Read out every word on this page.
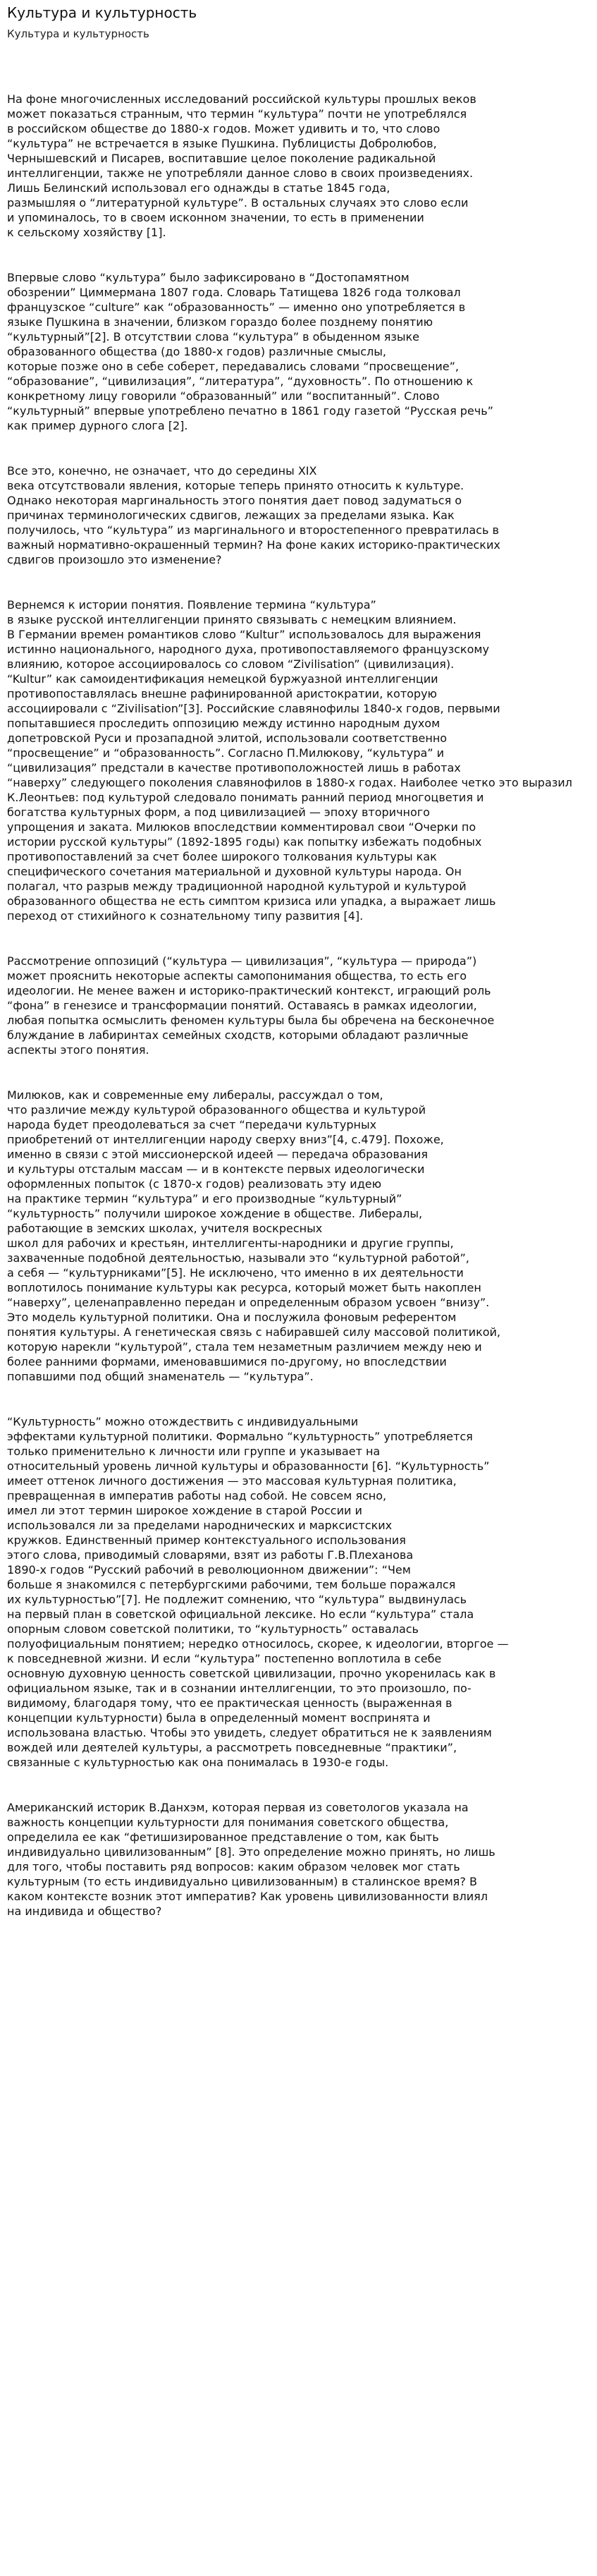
Культура и культурность

Культура и культурность

На фоне многочисленных исследований российской культуры прошлых веков
может показаться странным, что термин “культура” почти не употреблялся
в российском обществе до 1880-х годов. Может удивить и то, что слово
“культура” не встречается в языке Пушкина. Публицисты Добролюбов,
Чернышевский и Писарев, воспитавшие целое поколение радикальной
интеллигенции, также не употребляли данное слово в своих произведениях.
Лишь Белинский использовал его однажды в статье 1845 года,
размышляя о “литературной культуре”. В остальных случаях это слово если
и упоминалось, то в своем исконном значении, то есть в применении
к сельскому хозяйству [1].

Впервые слово “культура” было зафиксировано в “Достопамятном
обозрении” Циммермана 1807 года. Словарь Татищева 1826 года толковал
французское “culture” как “образованность” — именно оно употребляется в
языке Пушкина в значении, близком гораздо более позднему понятию
“культурный”[2]. В отсутствии слова “культура” в обыденном языке
образованного общества (до 1880-х годов) различные смыслы,
которые позже оно в себе соберет, передавались словами “просвещение”,
“образование”, “цивилизация”, “литература”, “духовность”. По отношению к
конкретному лицу говорили “образованный” или “воспитанный”. Слово
“культурный” впервые употреблено печатно в 1861 году газетой “Русская речь”
как пример дурного слога [2].

Все это, конечно, не означает, что до середины XIX
века отсутствовали явления, которые теперь принято относить к культуре.
Однако некоторая маргинальность этого понятия дает повод задуматься о
причинах терминологических сдвигов, лежащих за пределами языка. Как
получилось, что “культура” из маргинального и второстепенного превратилась в
важный нормативно-окрашенный термин? На фоне каких историко-практических
сдвигов произошло это изменение?

Вернемся к истории понятия. Появление термина “культура”
в языке русской интеллигенции принято связывать с немецким влиянием.
В Германии времен романтиков слово “Kultur” использовалось для выражения
истинно национального, народного духа, противопоставляемого французскому
влиянию, которое ассоциировалось со словом “Zivilisation” (цивилизация).
“Kultur” как самоидентификация немецкой буржуазной интеллигенции
противопоставлялась внешне рафинированной аристократии, которую
ассоциировали с “Zivilisation”[3]. Российские славянофилы 1840-х годов, первыми
попытавшиеся проследить оппозицию между истинно народным духом
допетровской Руси и прозападной элитой, использовали соответственно
“просвещение” и “образованность”. Согласно П.Милюкову, “культура” и
“цивилизация” предстали в качестве противоположностей лишь в работах
“наверху” следующего поколения славянофилов в 1880-х годах. Наиболее четко это выразил
К.Леонтьев: под культурой следовало понимать ранний период многоцветия и
богатства культурных форм, а под цивилизацией — эпоху вторичного
упрощения и заката. Милюков впоследствии комментировал свои “Очерки по
истории русской культуры” (1892-1895 годы) как попытку избежать подобных
противопоставлений за счет более широкого толкования культуры как
специфического сочетания материальной и духовной культуры народа. Он
полагал, что разрыв между традиционной народной культурой и культурой
образованного общества не есть симптом кризиса или упадка, а выражает лишь
переход от стихийного к сознательному типу развития [4].

Рассмотрение оппозиций (“культура — цивилизация”, “культура — природа”)
может прояснить некоторые аспекты самопонимания общества, то есть его
идеологии. Не менее важен и историко-практический контекст, играющий роль
“фона” в генезисе и трансформации понятий. Оставаясь в рамках идеологии,
любая попытка осмыслить феномен культуры была бы обречена на бесконечное
блуждание в лабиринтах семейных сходств, которыми обладают различные
аспекты этого понятия.

Милюков, как и современные ему либералы, рассуждал о том,
что различие между культурой образованного общества и культурой
народа будет преодолеваться за счет “передачи культурных
приобретений от интеллигенции народу сверху вниз”[4, с.479]. Похоже,
именно в связи с этой миссионерской идеей — передача образования
и культуры отсталым массам — и в контексте первых идеологически
оформленных попыток (с 1870-х годов) реализовать эту идею
на практике термин “культура” и его производные “культурный”
“культурность” получили широкое хождение в обществе. Либералы,
работающие в земских школах, учителя воскресных
школ для рабочих и крестьян, интеллигенты-народники и другие группы,
захваченные подобной деятельностью, называли это “культурной работой”,
а себя — “культурниками”[5]. Не исключено, что именно в их деятельности
воплотилось понимание культуры как ресурса, который может быть накоплен
“наверху”, целенаправленно передан и определенным образом усвоен “внизу”.
Это модель культурной политики. Она и послужила фоновым референтом
понятия культуры. А генетическая связь с набиравшей силу массовой политикой,
которую нарекли “культурой”, стала тем незаметным различием между нею и
более ранними формами, именовавшимися по-другому, но впоследствии
попавшими под общий знаменатель — “культура”.

“Культурность” можно отождествить с индивидуальными
эффектами культурной политики. Формально “культурность” употребляется
только применительно к личности или группе и указывает на
относительный уровень личной культуры и образованности [6]. “Культурность”
имеет оттенок личного достижения — это массовая культурная политика,
превращенная в императив работы над собой. Не совсем ясно,
имел ли этот термин широкое хождение в старой России и
использовался ли за пределами народнических и марксистских
кружков. Единственный пример контекстуального использования
этого слова, приводимый словарями, взят из работы Г.В.Плеханова
1890-х годов “Русский рабочий в революционном движении”: “Чем
больше я знакомился с петербургскими рабочими, тем больше поражался
их культурностью”[7]. Не подлежит сомнению, что “культура” выдвинулась
на первый план в советской официальной лексике. Но если “культура” стала
опорным словом советской политики, то “культурность” оставалась
полуофициальным понятием; нередко относилось, скорее, к идеологии, вторгое —
к повседневной жизни. И если “культура” постепенно воплотила в себе
основную духовную ценность советской цивилизации, прочно укоренилась как в
официальном языке, так и в сознании интеллигенции, то это произошло, по-
видимому, благодаря тому, что ее практическая ценность (выраженная в
концепции культурности) была в определенный момент воспринята и
использована властью. Чтобы это увидеть, следует обратиться не к заявлениям
вождей или деятелей культуры, а рассмотреть повседневные “практики”,
связанные с культурностью как она понималась в 1930-е годы.

Американский историк В.Данхэм, которая первая из советологов указала на
важность концепции культурности для понимания советского общества,
определила ее как “фетишизированное представление о том, как быть
индивидуально цивилизованным” [8]. Это определение можно принять, но лишь
для того, чтобы поставить ряд вопросов: каким образом человек мог стать
культурным (то есть индивидуально цивилизованным) в сталинское время? В
каком контексте возник этот императив? Как уровень цивилизованности влиял
на индивида и общество?
